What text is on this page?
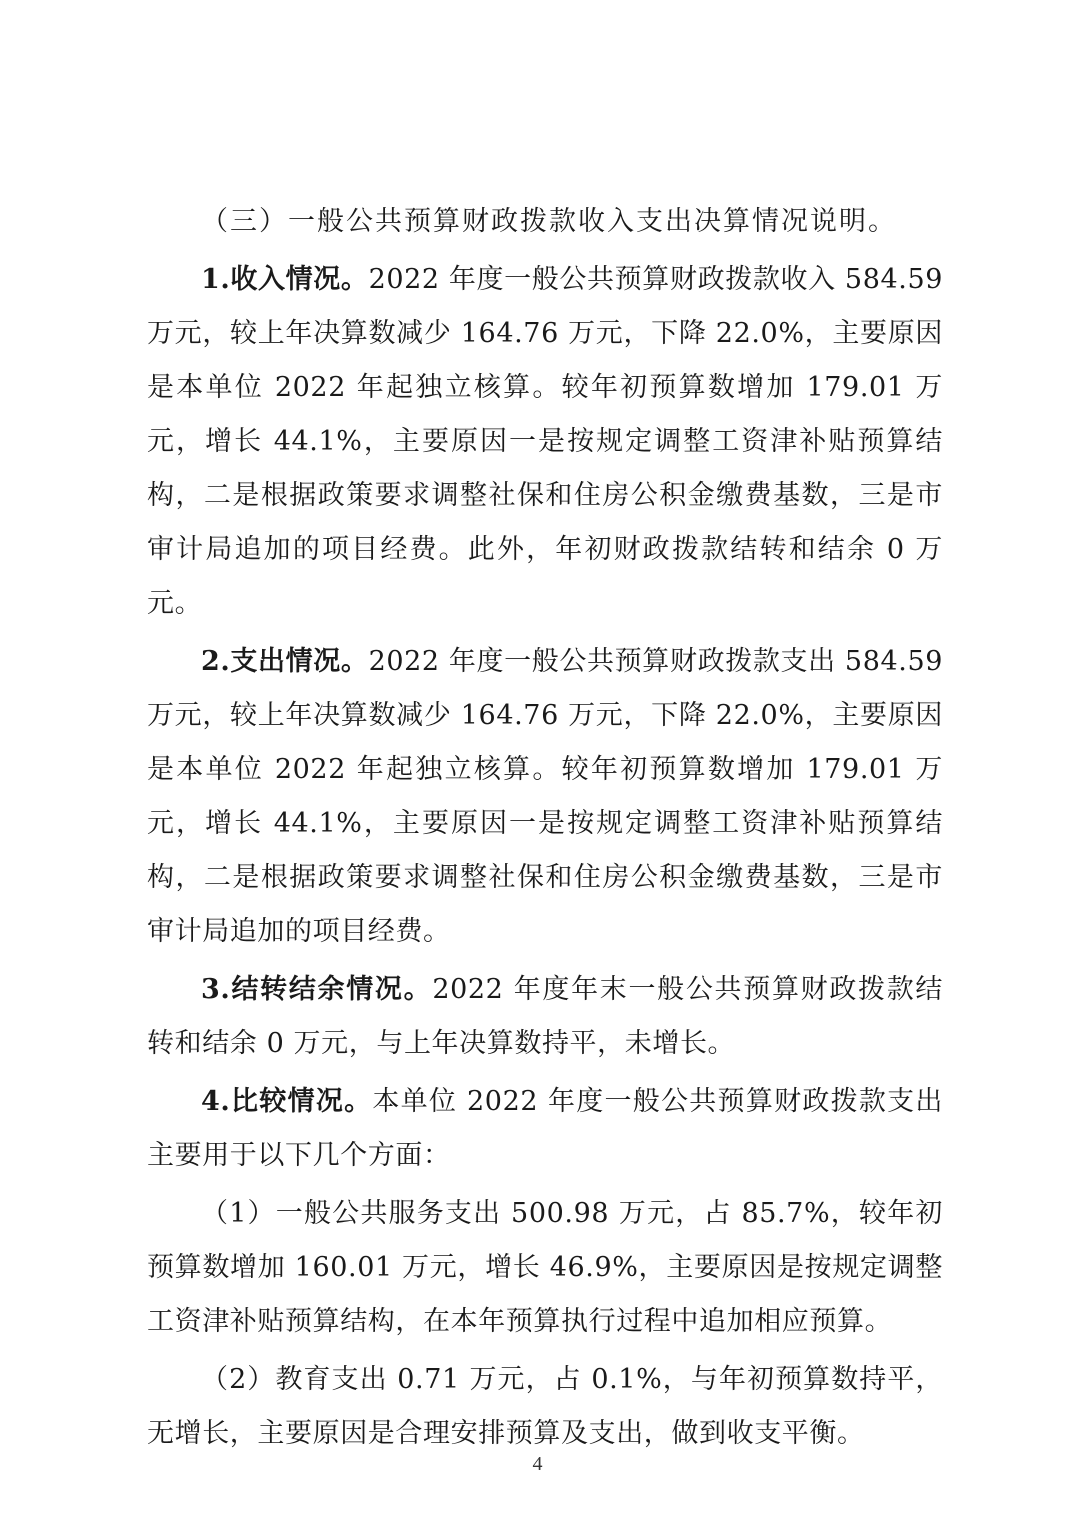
（三）一般公共预算财政拨款收入支出决算情况说明。

1.收入情况。2022 年度一般公共预算财政拨款收入 584.59 万元，较上年决算数减少 164.76 万元，下降 22.0%，主要原因是本单位 2022 年起独立核算。较年初预算数增加 179.01 万元，增长 44.1%，主要原因一是按规定调整工资津补贴预算结构，二是根据政策要求调整社保和住房公积金缴费基数，三是市审计局追加的项目经费。此外，年初财政拨款结转和结余 0 万元。

2.支出情况。2022 年度一般公共预算财政拨款支出 584.59 万元，较上年决算数减少 164.76 万元，下降 22.0%，主要原因是本单位 2022 年起独立核算。较年初预算数增加 179.01 万元，增长 44.1%，主要原因一是按规定调整工资津补贴预算结构，二是根据政策要求调整社保和住房公积金缴费基数，三是市审计局追加的项目经费。

3.结转结余情况。2022 年度年末一般公共预算财政拨款结转和结余 0 万元，与上年决算数持平，未增长。

4.比较情况。本单位 2022 年度一般公共预算财政拨款支出主要用于以下几个方面：

（1）一般公共服务支出 500.98 万元，占 85.7%，较年初预算数增加 160.01 万元，增长 46.9%，主要原因是按规定调整工资津补贴预算结构，在本年预算执行过程中追加相应预算。

（2）教育支出 0.71 万元，占 0.1%，与年初预算数持平，无增长，主要原因是合理安排预算及支出，做到收支平衡。

4
